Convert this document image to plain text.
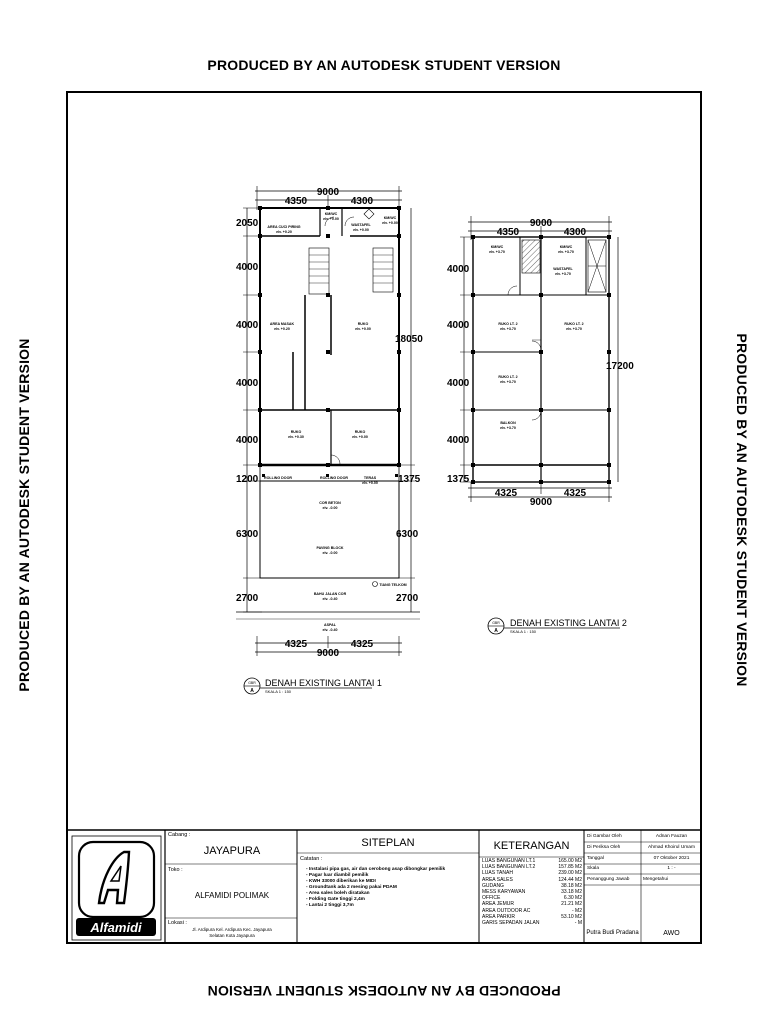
PRODUCED BY AN AUTODESK STUDENT VERSION
PRODUCED BY AN AUTODESK STUDENT VERSION
PRODUCED BY AN AUTODESK STUDENT VERSION	PRODUCED BY AN AUTODESK STUDENT VERSION
9000
4350	4300
2050
4000
4000
4000
4000
1200
6300
2700
18050
1375
6300
2700
4325	4325
9000
AREA CUCI PIRING
elv. +0.20
KM/WC
elv. +0.00	KM/WC
elv. +0.00
WASTAFEL
elv. +0.00
AREA MASAK
elv. +0.20
RUKO
elv. +0.00
RUKO
elv. +0.30
RUKO
elv. +0.00
ROLLING DOOR	ROLLING DOOR	TERAS
elv. +0.00
COR BETON
elv. -0.00
PAVING BLOCK
elv. -0.00
TIANG TELKOM
BAHU JALAN COR
elv. -0.40
ASPAL
elv. -0.40
GBR
A
DENAH EXISTING LANTAI 1
SKALA 1 : 150
9000
4350	4300
4000
4000
4000
4000
1375
17200
4325	4325
9000
KM/WC
elv. +3.70
KM/WC
elv. +3.70
WASTAFEL
elv. +3.70
RUKO LT. 2
elv. +3.70
RUKO LT. 2
elv. +3.70
RUKO LT. 2
elv. +3.70
BALKON
elv. +3.70
GBR
A
DENAH EXISTING LANTAI 2
SKALA 1 : 150
Alfamidi
Cabang :
JAYAPURA
Toko :
ALFAMIDI POLIMAK
Lokasi :
Jl. Ardipura Kel. Ardipura Kec. Jayapura
Selatan Kota Jayapura
SITEPLAN
Catatan :
- Instalasi pipa gas, air dan cerobong asap dibongkar pemilik
- Pagar luar diambil pemilik
- KWH 33000 diberikan ke MIDI
- Groundtank ada 2 mesing pakai PDAM
- Area sales boleh diratakan
- Folding Gate tinggi 2,4m
- Lantai 2 tinggi 3,7m
KETERANGAN
LUAS BANGUNAN LT.1	165.00 M2
LUAS BANGUNAN LT.2	157.85 M2
LUAS TANAH	239.00 M2
AREA SALES	124.44 M2
GUDANG	38.18 M2
MESS KARYAWAN	33.18 M2
OFFICE	6.30 M2
AREA JEMUR	21.21 M2
AREA OUTDOOR AC	- M2
AREA PARKIR	53.10 M2
GARIS SEPADAN JALAN	- M
Di Gambar Oleh	Adnan Fauzan
Di Periksa Oleh	Ahmad Khoirul Umam
Tanggal	07 Oktober 2021
Skala	1 : -
Penanggung Jawab	Mengetahui
Putra Budi Pradana	AWO
